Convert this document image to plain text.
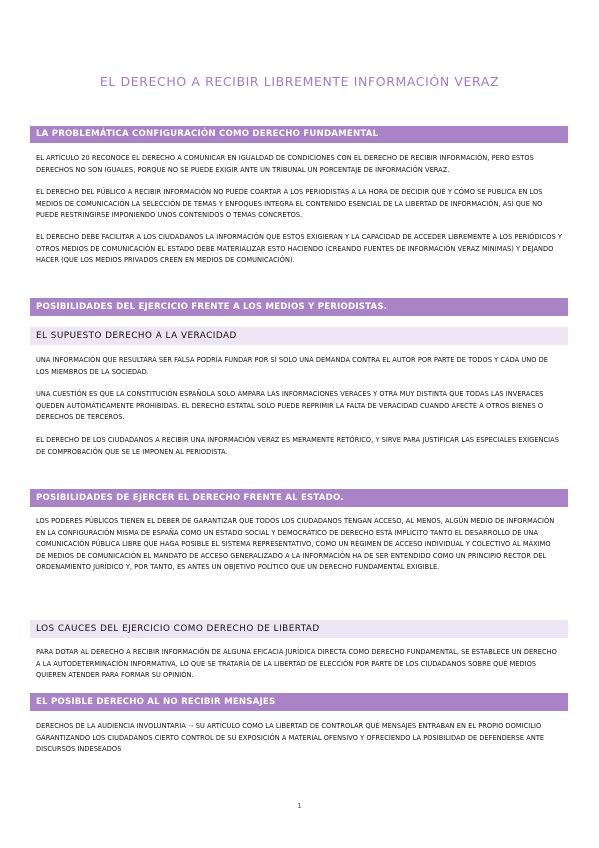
EL DERECHO A RECIBIR LIBREMENTE INFORMACIÓN VERAZ
LA PROBLEMÁTICA CONFIGURACIÓN COMO DERECHO FUNDAMENTAL

EL ARTÍCULO 20 RECONOCE EL DERECHO A COMUNICAR EN IGUALDAD DE CONDICIONES CON EL DERECHO DE RECIBIR INFORMACIÓN, PERO ESTOS DERECHOS NO SON IGUALES, PORQUE NO SE PUEDE EXIGIR ANTE UN TRIBUNAL UN PORCENTAJE DE INFORMACIÓN VERAZ.

EL DERECHO DEL PÚBLICO A RECIBIR INFORMACIÓN NO PUEDE COARTAR A LOS PERIODISTAS A LA HORA DE DECIDIR QUÉ Y CÓMO SE PUBLICA EN LOS MEDIOS DE COMUNICACIÓN LA SELECCIÓN DE TEMAS Y ENFOQUES INTEGRA EL CONTENIDO ESENCIAL DE LA LIBERTAD DE INFORMACIÓN, ASÍ QUE NO PUEDE RESTRINGIRSE IMPONIENDO UNOS CONTENIDOS O TEMAS CONCRETOS.

EL DERECHO DEBE FACILITAR A LOS CIUDADANOS LA INFORMACIÓN QUE ESTOS EXIGIERAN Y LA CAPACIDAD DE ACCEDER LIBREMENTE A LOS PERIÓDICOS Y OTROS MEDIOS DE COMUNICACIÓN EL ESTADO DEBE MATERIALIZAR ESTO HACIENDO (CREANDO FUENTES DE INFORMACIÓN VERAZ MÍNIMAS) Y DEJANDO HACER (QUE LOS MEDIOS PRIVADOS CREEN EN MEDIOS DE COMUNICACIÓN).

POSIBILIDADES DEL EJERCICIO FRENTE A LOS MEDIOS Y PERIODISTAS.
EL SUPUESTO DERECHO A LA VERACIDAD

UNA INFORMACIÓN QUE RESULTARA SER FALSA PODRÍA FUNDAR POR SÍ SOLO UNA DEMANDA CONTRA EL AUTOR POR PARTE DE TODOS Y CADA UNO DE LOS MIEMBROS DE LA SOCIEDAD.

UNA CUESTIÓN ES QUE LA CONSTITUCIÓN ESPAÑOLA SOLO AMPARA LAS INFORMACIONES VERACES Y OTRA MUY DISTINTA QUE TODAS LAS INVERACES QUEDEN AUTOMÁTICAMENTE PROHIBIDAS. EL DERECHO ESTATAL SOLO PUEDE REPRIMIR LA FALTA DE VERACIDAD CUANDO AFECTE A OTROS BIENES O DERECHOS DE TERCEROS.

EL DERECHO DE LOS CIUDADANOS A RECIBIR UNA INFORMACIÓN VERAZ ES MERAMENTE RETÓRICO, Y SIRVE PARA JUSTIFICAR LAS ESPECIALES EXIGENCIAS DE COMPROBACIÓN QUE SE LE IMPONEN AL PERIODISTA.

POSIBILIDADES DE EJERCER EL DERECHO FRENTE AL ESTADO.

LOS PODERES PÚBLICOS TIENEN EL DEBER DE GARANTIZAR QUE TODOS LOS CIUDADANOS TENGAN ACCESO, AL MENOS, ALGÚN MEDIO DE INFORMACIÓN EN LA CONFIGURACIÓN MISMA DE ESPAÑA COMO UN ESTADO SOCIAL Y DEMOCRÁTICO DE DERECHO ESTÁ IMPLÍCITO TANTO EL DESARROLLO DE UNA COMUNICACIÓN PÚBLICA LIBRE QUE HAGA POSIBLE EL SISTEMA REPRESENTATIVO, COMO UN RÉGIMEN DE ACCESO INDIVIDUAL Y COLECTIVO AL MÁXIMO DE MEDIOS DE COMUNICACIÓN EL MANDATO DE ACCESO GENERALIZADO A LA INFORMACIÓN HA DE SER ENTENDIDO COMO UN PRINCIPIO RECTOR DEL ORDENAMIENTO JURÍDICO Y, POR TANTO, ES ANTES UN OBJETIVO POLÍTICO QUE UN DERECHO FUNDAMENTAL EXIGIBLE.

LOS CAUCES DEL EJERCICIO COMO DERECHO DE LIBERTAD

PARA DOTAR AL DERECHO A RECIBIR INFORMACIÓN DE ALGUNA EFICACIA JURÍDICA DIRECTA COMO DERECHO FUNDAMENTAL, SE ESTABLECE UN DERECHO A LA AUTODETERMINACIÓN INFORMATIVA, LO QUE SE TRATARÍA DE LA LIBERTAD DE ELECCIÓN POR PARTE DE LOS CIUDADANOS SOBRE QUÉ MEDIOS QUIEREN ATENDER PARA FORMAR SU OPINIÓN.

EL POSIBLE DERECHO AL NO RECIBIR MENSAJES

DERECHOS DE LA AUDIENCIA INVOLUNTARIA → SU ARTÍCULO COMO LA LIBERTAD DE CONTROLAR QUÉ MENSAJES ENTRABAN EN EL PROPIO DOMICILIO GARANTIZANDO LOS CIUDADANOS CIERTO CONTROL DE SU EXPOSICIÓN A MATERIAL OFENSIVO Y OFRECIENDO LA POSIBILIDAD DE DEFENDERSE ANTE DISCURSOS INDESEADOS

1
